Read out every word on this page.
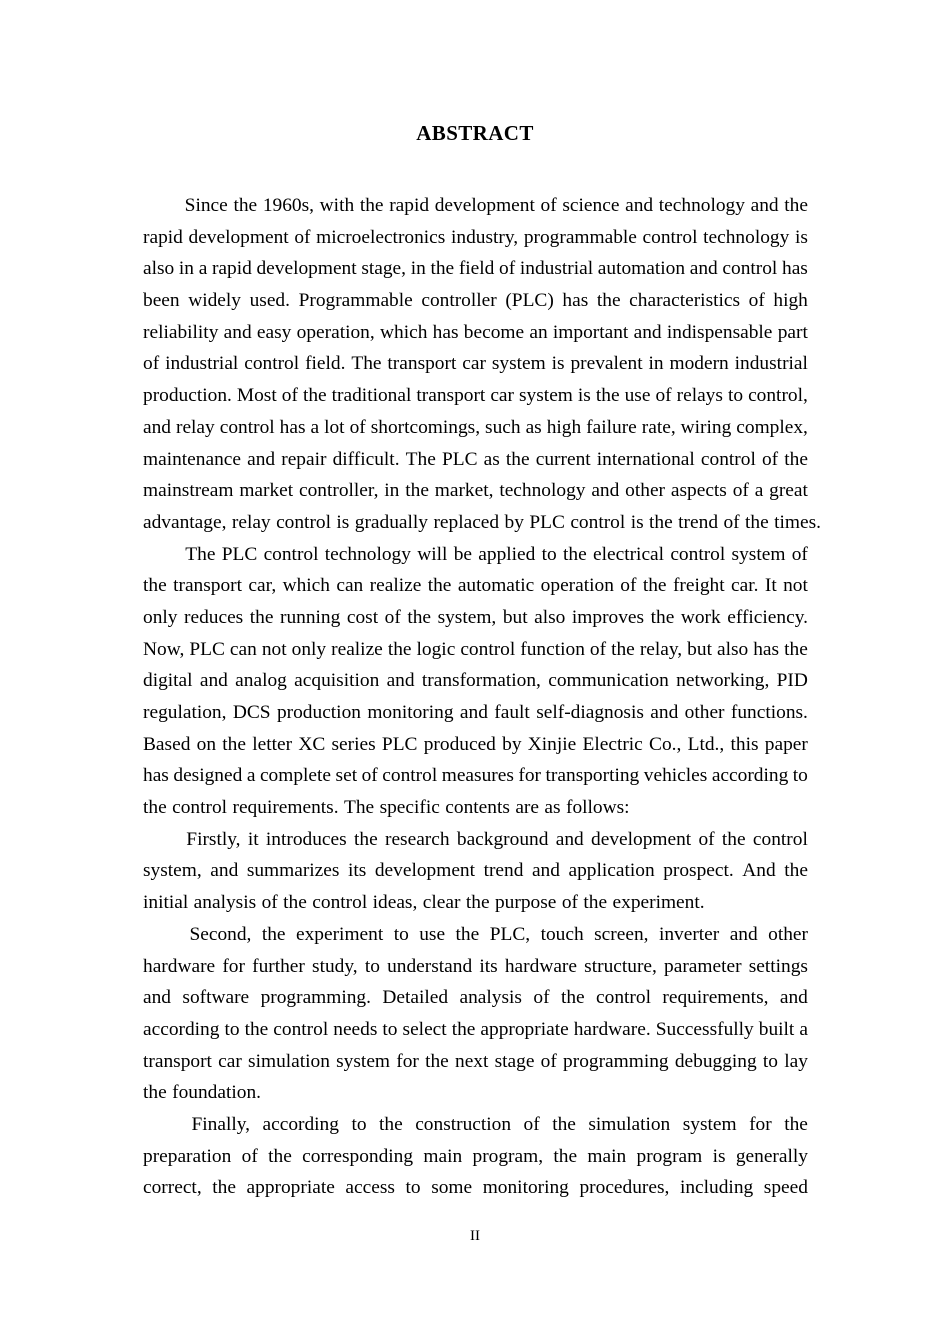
ABSTRACT
Since the 1960s, with the rapid development of science and technology and the
rapid development of microelectronics industry, programmable control technology is
also in a rapid development stage, in the field of industrial automation and control has
been widely used. Programmable controller (PLC) has the characteristics of high
reliability and easy operation, which has become an important and indispensable part
of industrial control field. The transport car system is prevalent in modern industrial
production. Most of the traditional transport car system is the use of relays to control,
and relay control has a lot of shortcomings, such as high failure rate, wiring complex,
maintenance and repair difficult. The PLC as the current international control of the
mainstream market controller, in the market, technology and other aspects of a great
advantage, relay control is gradually replaced by PLC control is the trend of the times.
The PLC control technology will be applied to the electrical control system of
the transport car, which can realize the automatic operation of the freight car. It not
only reduces the running cost of the system, but also improves the work efficiency.
Now, PLC can not only realize the logic control function of the relay, but also has the
digital and analog acquisition and transformation, communication networking, PID
regulation, DCS production monitoring and fault self-diagnosis and other functions.
Based on the letter XC series PLC produced by Xinjie Electric Co., Ltd., this paper
has designed a complete set of control measures for transporting vehicles according to
the control requirements. The specific contents are as follows:
Firstly, it introduces the research background and development of the control
system, and summarizes its development trend and application prospect. And the
initial analysis of the control ideas, clear the purpose of the experiment.
Second, the experiment to use the PLC, touch screen, inverter and other
hardware for further study, to understand its hardware structure, parameter settings
and software programming. Detailed analysis of the control requirements, and
according to the control needs to select the appropriate hardware. Successfully built a
transport car simulation system for the next stage of programming debugging to lay
the foundation.
Finally, according to the construction of the simulation system for the
preparation of the corresponding main program, the main program is generally
correct, the appropriate access to some monitoring procedures, including speed
II
